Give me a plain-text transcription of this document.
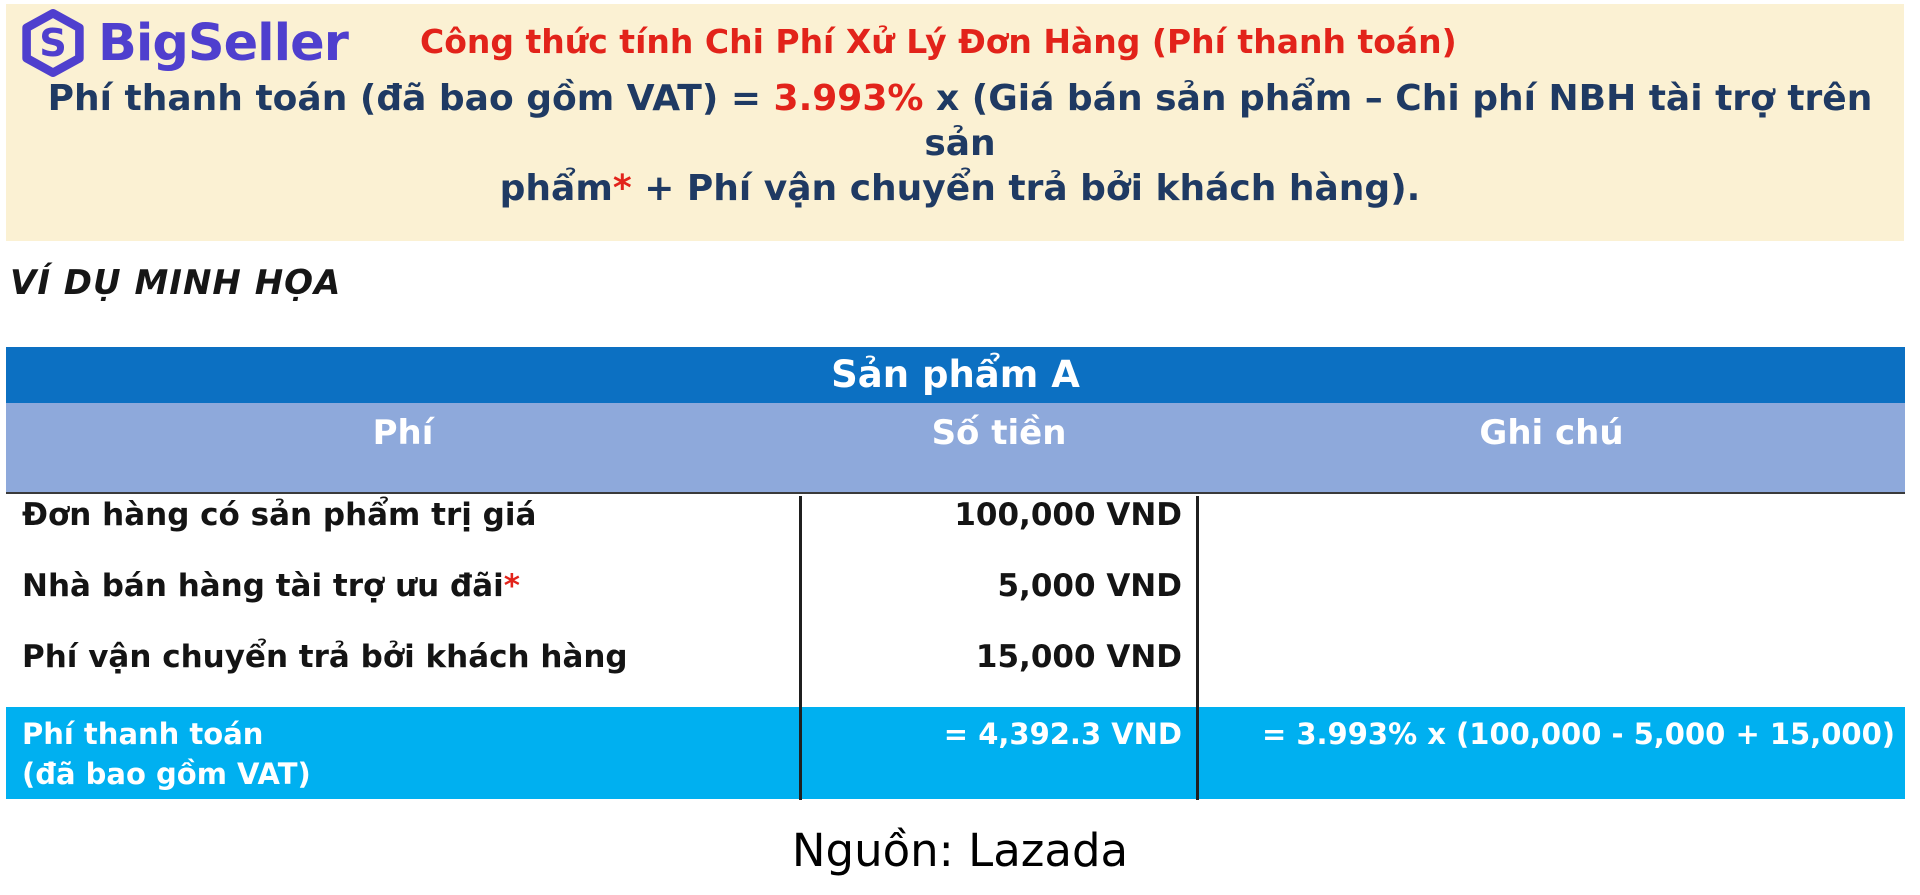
S BigSeller Công thức tính Chi Phí Xử Lý Đơn Hàng (Phí thanh toán)
Phí thanh toán (đã bao gồm VAT) = 3.993% x (Giá bán sản phẩm – Chi phí NBH tài trợ trên sản
phẩm* + Phí vận chuyển trả bởi khách hàng).
VÍ DỤ MINH HỌA
Sản phẩm A
Phí	Số tiền	Ghi chú
Đơn hàng có sản phẩm trị giá	100,000 VND
Nhà bán hàng tài trợ ưu đãi*	5,000 VND
Phí vận chuyển trả bởi khách hàng	15,000 VND
Phí thanh toán
(đã bao gồm VAT)
= 4,392.3 VND	= 3.993% x (100,000 - 5,000 + 15,000)
Nguồn: Lazada
